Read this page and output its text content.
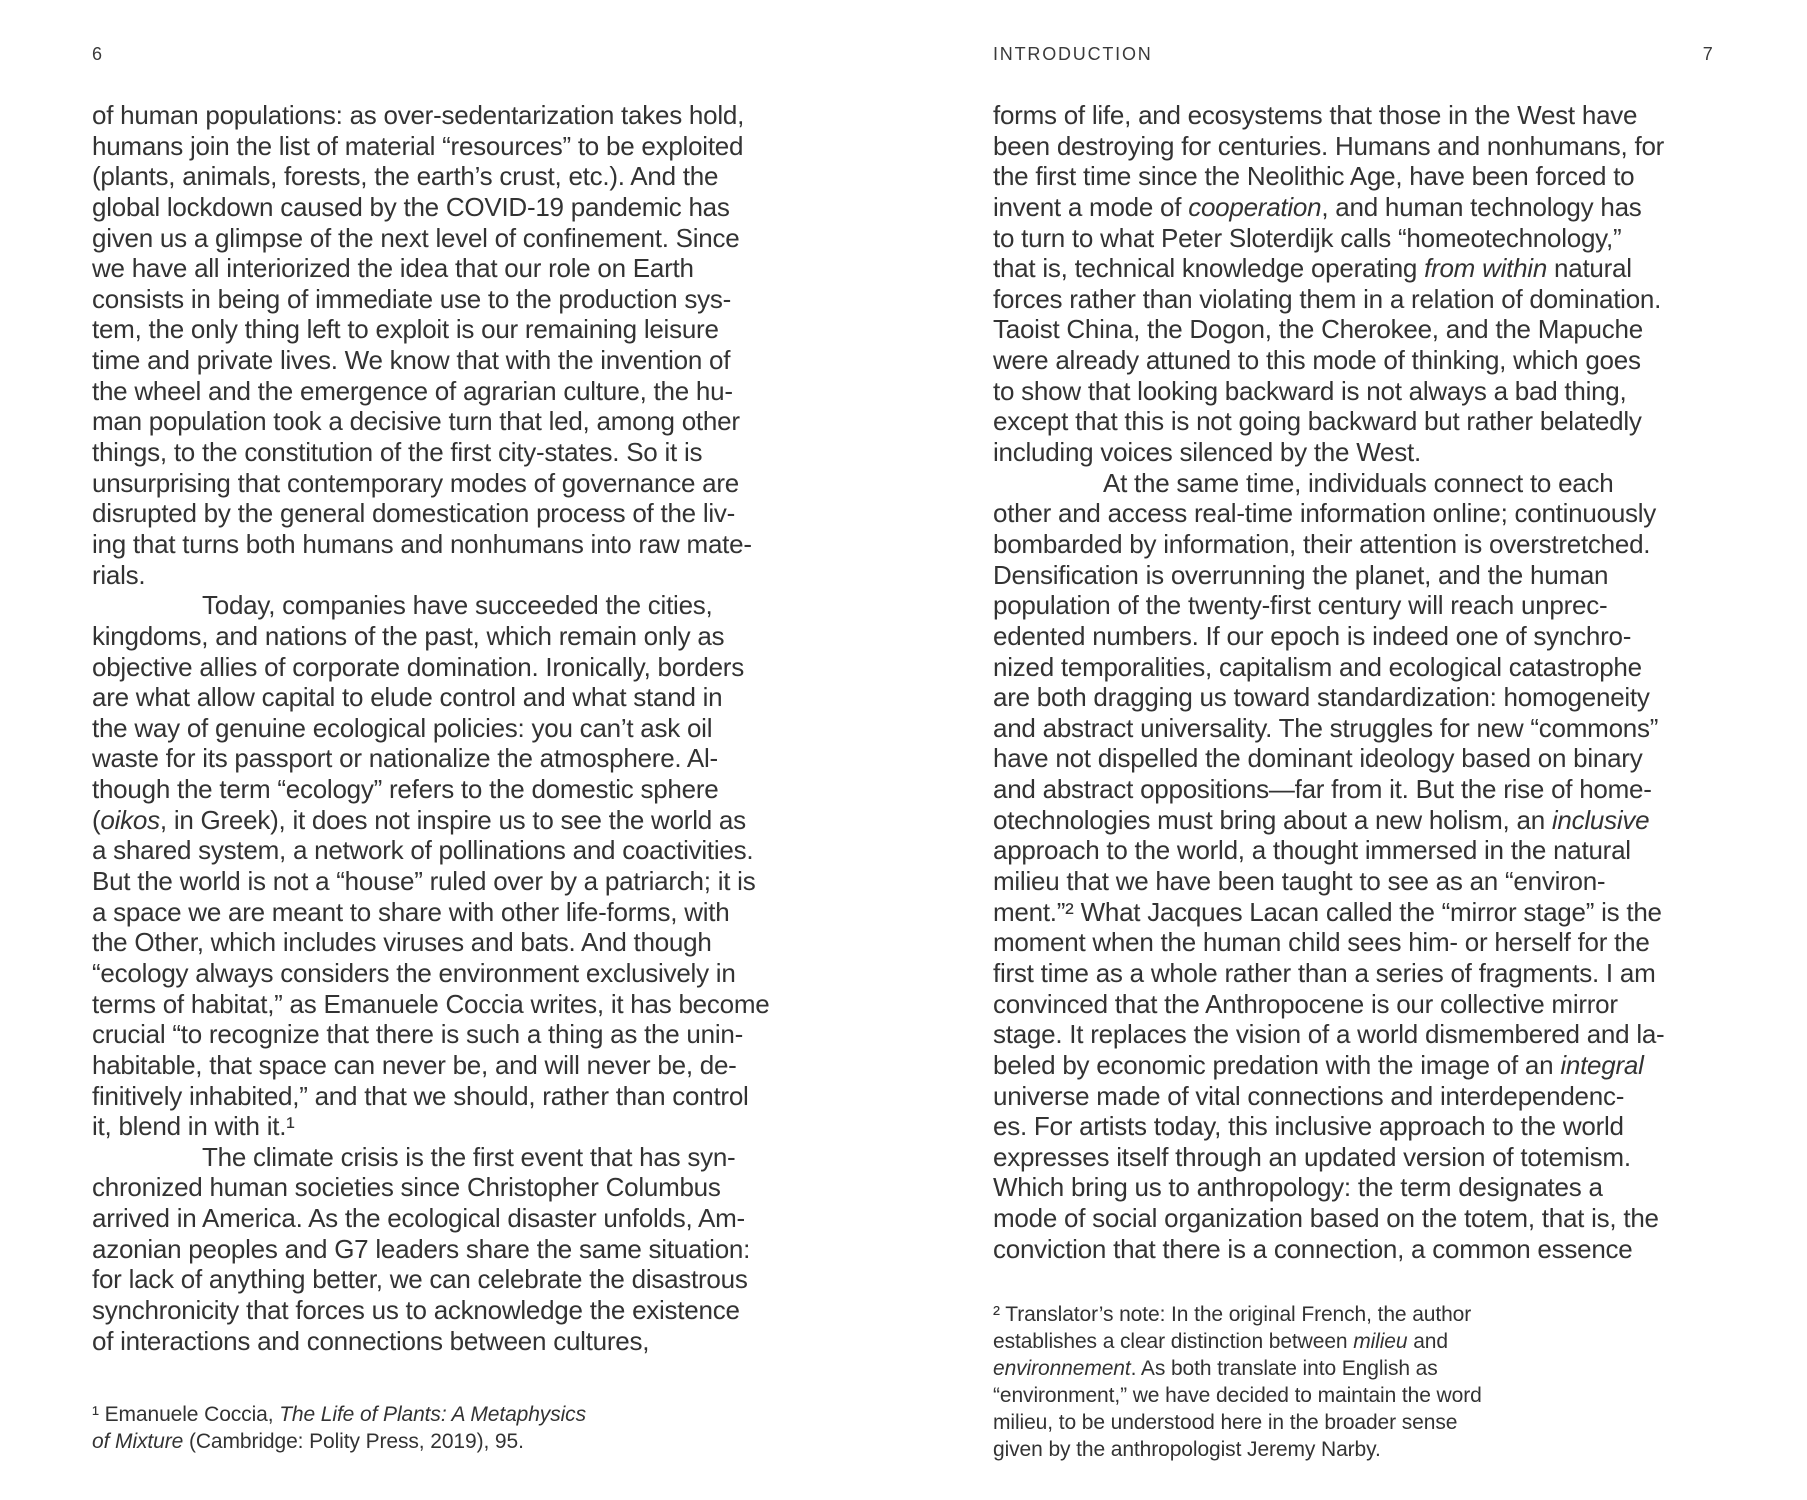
6	INTRODUCTION	7
of human populations: as over-sedentarization takes hold,
humans join the list of material “resources” to be exploited
(plants, animals, forests, the earth’s crust, etc.). And the
global lockdown caused by the COVID-19 pandemic has
given us a glimpse of the next level of confinement. Since
we have all interiorized the idea that our role on Earth
consists in being of immediate use to the production sys-
tem, the only thing left to exploit is our remaining leisure
time and private lives. We know that with the invention of
the wheel and the emergence of agrarian culture, the hu-
man population took a decisive turn that led, among other
things, to the constitution of the first city-states. So it is
unsurprising that contemporary modes of governance are
disrupted by the general domestication process of the liv-
ing that turns both humans and nonhumans into raw mate-
rials.
Today, companies have succeeded the cities,
kingdoms, and nations of the past, which remain only as
objective allies of corporate domination. Ironically, borders
are what allow capital to elude control and what stand in
the way of genuine ecological policies: you can’t ask oil
waste for its passport or nationalize the atmosphere. Al-
though the term “ecology” refers to the domestic sphere
(oikos, in Greek), it does not inspire us to see the world as
a shared system, a network of pollinations and coactivities.
But the world is not a “house” ruled over by a patriarch; it is
a space we are meant to share with other life-forms, with
the Other, which includes viruses and bats. And though
“ecology always considers the environment exclusively in
terms of habitat,” as Emanuele Coccia writes, it has become
crucial “to recognize that there is such a thing as the unin-
habitable, that space can never be, and will never be, de-
finitively inhabited,” and that we should, rather than control
it, blend in with it.¹
The climate crisis is the first event that has syn-
chronized human societies since Christopher Columbus
arrived in America. As the ecological disaster unfolds, Am-
azonian peoples and G7 leaders share the same situation:
for lack of anything better, we can celebrate the disastrous
synchronicity that forces us to acknowledge the existence
of interactions and connections between cultures,
forms of life, and ecosystems that those in the West have
been destroying for centuries. Humans and nonhumans, for
the first time since the Neolithic Age, have been forced to
invent a mode of cooperation, and human technology has
to turn to what Peter Sloterdijk calls “homeotechnology,”
that is, technical knowledge operating from within natural
forces rather than violating them in a relation of domination.
Taoist China, the Dogon, the Cherokee, and the Mapuche
were already attuned to this mode of thinking, which goes
to show that looking backward is not always a bad thing,
except that this is not going backward but rather belatedly
including voices silenced by the West.
At the same time, individuals connect to each
other and access real-time information online; continuously
bombarded by information, their attention is overstretched.
Densification is overrunning the planet, and the human
population of the twenty-first century will reach unprec-
edented numbers. If our epoch is indeed one of synchro-
nized temporalities, capitalism and ecological catastrophe
are both dragging us toward standardization: homogeneity
and abstract universality. The struggles for new “commons”
have not dispelled the dominant ideology based on binary
and abstract oppositions—far from it. But the rise of home-
otechnologies must bring about a new holism, an inclusive
approach to the world, a thought immersed in the natural
milieu that we have been taught to see as an “environ-
ment.”² What Jacques Lacan called the “mirror stage” is the
moment when the human child sees him- or herself for the
first time as a whole rather than a series of fragments. I am
convinced that the Anthropocene is our collective mirror
stage. It replaces the vision of a world dismembered and la-
beled by economic predation with the image of an integral
universe made of vital connections and interdependenc-
es. For artists today, this inclusive approach to the world
expresses itself through an updated version of totemism.
Which bring us to anthropology: the term designates a
mode of social organization based on the totem, that is, the
conviction that there is a connection, a common essence
¹ Emanuele Coccia, The Life of Plants: A Metaphysics
of Mixture (Cambridge: Polity Press, 2019), 95.
² Translator’s note: In the original French, the author
establishes a clear distinction between milieu and
environnement. As both translate into English as
“environment,” we have decided to maintain the word
milieu, to be understood here in the broader sense
given by the anthropologist Jeremy Narby.
